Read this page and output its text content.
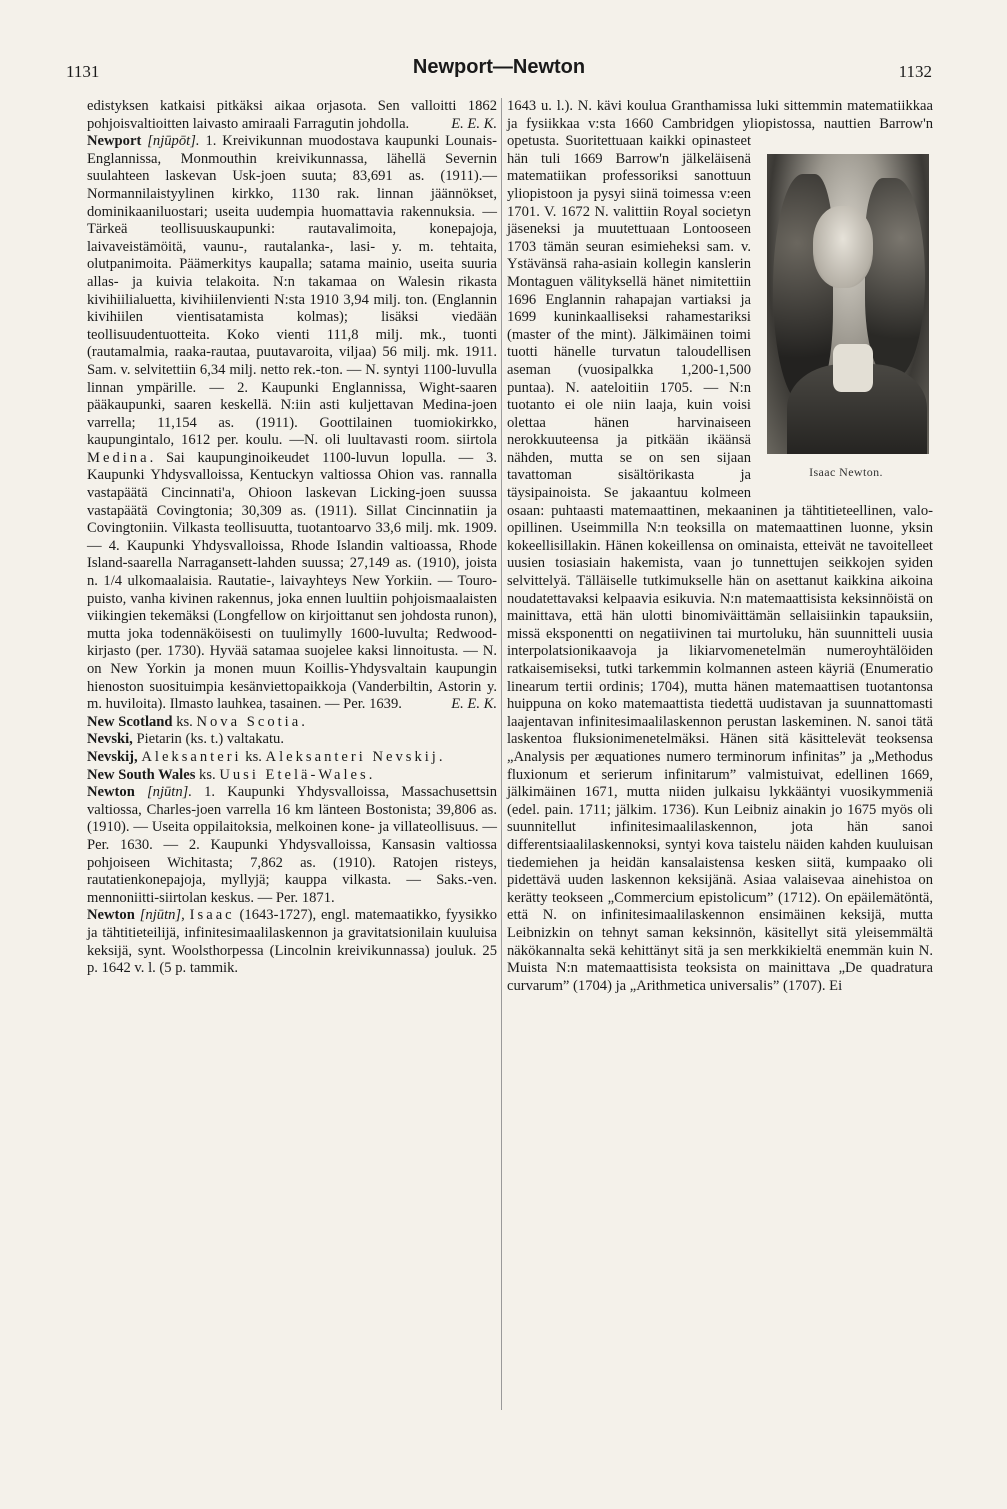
1131	Newport—Newton	1132

edistyksen katkaisi pitkäksi aikaa orjasota. Sen valloitti 1862 pohjoisvaltioitten laivasto amiraali Farragutin johdolla.	E. E. K.

Newport [njūpōt]. 1. Kreivikunnan muodostava kaupunki Lounais-Englannissa, Monmouthin kreivikunnassa, lähellä Severnin suulahteen laskevan Usk-joen suuta; 83,691 as. (1911).—Normannilaistyylinen kirkko, 1130 rak. linnan jäännökset, dominikaaniluostari; useita uudempia huomattavia rakennuksia. — Tärkeä teollisuuskaupunki: rautavalimoita, konepajoja, laivaveistämöitä, vaunu-, rautalanka-, lasi- y. m. tehtaita, olutpanimoita. Päämerkitys kaupalla; satama mainio, useita suuria allas- ja kuivia telakoita. N:n takamaa on Walesin rikasta kivihiilialuetta, kivihiilenvienti N:sta 1910 3,94 milj. ton. (Englannin kivihiilen vientisatamista kolmas); lisäksi viedään teollisuudentuotteita. Koko vienti 111,8 milj. mk., tuonti (rautamalmia, raaka-rautaa, puutavaroita, viljaa) 56 milj. mk. 1911. Sam. v. selvitettiin 6,34 milj. netto rek.-ton. — N. syntyi 1100-luvulla linnan ympärille. — 2. Kaupunki Englannissa, Wight-saaren pääkaupunki, saaren keskellä. N:iin asti kuljettavan Medina-joen varrella; 11,154 as. (1911). Goottilainen tuomiokirkko, kaupungintalo, 1612 per. koulu. —N. oli luultavasti room. siirtola Medina. Sai kaupunginoikeudet 1100-luvun lopulla. — 3. Kaupunki Yhdysvalloissa, Kentuckyn valtiossa Ohion vas. rannalla vastapäätä Cincinnati'a, Ohioon laskevan Licking-joen suussa vastapäätä Covingtonia; 30,309 as. (1911). Sillat Cincinnatiin ja Covingtoniin. Vilkasta teollisuutta, tuotantoarvo 33,6 milj. mk. 1909. — 4. Kaupunki Yhdysvalloissa, Rhode Islandin valtioassa, Rhode Island-saarella Narragansett-lahden suussa; 27,149 as. (1910), joista n. 1/4 ulkomaalaisia. Rautatie-, laivayhteys New Yorkiin. — Touro-puisto, vanha kivinen rakennus, joka ennen luultiin pohjoismaalaisten viikingien tekemäksi (Longfellow on kirjoittanut sen johdosta runon), mutta joka todennäköisesti on tuulimylly 1600-luvulta; Redwood-kirjasto (per. 1730). Hyvää satamaa suojelee kaksi linnoitusta. — N. on New Yorkin ja monen muun Koillis-Yhdysvaltain kaupungin hienoston suosituimpia kesänviettopaikkoja (Vanderbiltin, Astorin y. m. huviloita). Ilmasto lauhkea, tasainen. — Per. 1639.	E. E. K.

New Scotland ks. Nova Scotia.

Nevski, Pietarin (ks. t.) valtakatu.

Nevskij, Aleksanteri ks. Aleksanteri Nevskij.

New South Wales ks. Uusi Etelä-Wales.

Newton [njūtn]. 1. Kaupunki Yhdysvalloissa, Massachusettsin valtiossa, Charles-joen varrella 16 km länteen Bostonista; 39,806 as. (1910). — Useita oppilaitoksia, melkoinen kone- ja villateollisuus. — Per. 1630. — 2. Kaupunki Yhdysvalloissa, Kansasin valtiossa pohjoiseen Wichitasta; 7,862 as. (1910). Ratojen risteys, rautatienkonepajoja, myllyjä; kauppa vilkasta. — Saks.-ven. mennoniitti-siirtolan keskus. — Per. 1871.

Newton [njūtn], Isaac (1643-1727), engl. matemaatikko, fyysikko ja tähtitieteilijä, infinitesimaalilaskennon ja gravitatsionilain kuuluisa keksijä, synt. Woolsthorpessa (Lincolnin kreivikunnassa) jouluk. 25 p. 1642 v. l. (5 p. tammik.

Isaac Newton.

1643 u. l.). N. kävi koulua Granthamissa luki sittemmin matematiikkaa ja fysiikkaa v:sta 1660 Cambridgen yliopistossa, nauttien Barrow'n opetusta. Suoritettuaan kaikki opinasteet hän tuli 1669 Barrow'n jälkeläisenä matematiikan professoriksi sanottuun yliopistoon ja pysyi siinä toimessa v:een 1701. V. 1672 N. valittiin Royal societyn jäseneksi ja muutettuaan Lontooseen 1703 tämän seuran esimieheksi sam. v. Ystävänsä raha-asiain kollegin kanslerin Montaguen välityksellä hänet nimitettiin 1696 Englannin rahapajan vartiaksi ja 1699 kuninkaalliseksi rahamestariksi (master of the mint). Jälkimäinen toimi tuotti hänelle turvatun taloudellisen aseman (vuosipalkka 1,200-1,500 puntaa). N. aateloitiin 1705. — N:n tuotanto ei ole niin laaja, kuin voisi olettaa hänen harvinaiseen nerokkuuteensa ja pitkään ikäänsä nähden, mutta se on sen sijaan tavattoman sisältörikasta ja täysipainoista. Se jakaantuu kolmeen osaan: puhtaasti matemaattinen, mekaaninen ja tähtitieteellinen, valo-opillinen. Useimmilla N:n teoksilla on matemaattinen luonne, yksin kokeellisillakin. Hänen kokeillensa on ominaista, etteivät ne tavoitelleet uusien tosiasiain hakemista, vaan jo tunnettujen seikkojen syiden selvittelyä. Tälläiselle tutkimukselle hän on asettanut kaikkina aikoina noudatettavaksi kelpaavia esikuvia. N:n matemaattisista keksinnöistä on mainittava, että hän ulotti binomiväittämän sellaisiinkin tapauksiin, missä eksponentti on negatiivinen tai murtoluku, hän suunnitteli uusia interpolatsionikaavoja ja likiarvomenetelmän numeroyhtälöiden ratkaisemiseksi, tutki tarkemmin kolmannen asteen käyriä (Enumeratio linearum tertii ordinis; 1704), mutta hänen matemaattisen tuotantonsa huippuna on koko matemaattista tiedettä uudistavan ja suunnattomasti laajentavan infinitesimaalilaskennon perustan laskeminen. N. sanoi tätä laskentoa fluksionimenetelmäksi. Hänen sitä käsittelevät teoksensa „Analysis per æquationes numero terminorum infinitas” ja „Methodus fluxionum et serierum infinitarum” valmistuivat, edellinen 1669, jälkimäinen 1671, mutta niiden julkaisu lykkääntyi vuosikymmeniä (edel. pain. 1711; jälkim. 1736). Kun Leibniz ainakin jo 1675 myös oli suunnitellut infinitesimaalilaskennon, jota hän sanoi differentsiaalilaskennoksi, syntyi kova taistelu näiden kahden kuuluisan tiedemiehen ja heidän kansalaistensa kesken siitä, kumpaako oli pidettävä uuden laskennon keksijänä. Asiaa valaisevaa ainehistoa on kerätty teokseen „Commercium epistolicum” (1712). On epäilemätöntä, että N. on infinitesimaalilaskennon ensimäinen keksijä, mutta Leibnizkin on tehnyt saman keksinnön, käsitellyt sitä yleisemmältä näkökannalta sekä kehittänyt sitä ja sen merkkikieltä enemmän kuin N. Muista N:n matemaattisista teoksista on mainittava „De quadratura curvarum” (1704) ja „Arithmetica universalis” (1707). Ei
